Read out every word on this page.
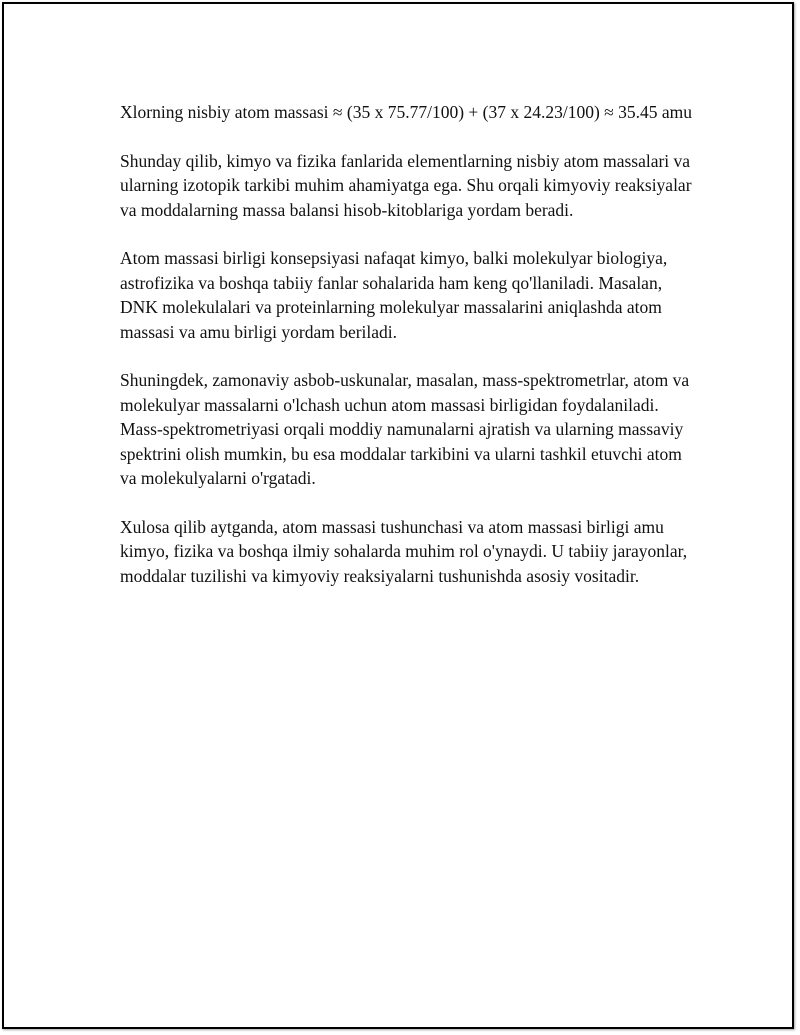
Xlorning nisbiy atom massasi ≈ (35 x 75.77/100) + (37 x 24.23/100) ≈ 35.45 amu

Shunday qilib, kimyo va fizika fanlarida elementlarning nisbiy atom massalari va ularning izotopik tarkibi muhim ahamiyatga ega. Shu orqali kimyoviy reaksiyalar va moddalarning massa balansi hisob-kitoblariga yordam beradi.

Atom massasi birligi konsepsiyasi nafaqat kimyo, balki molekulyar biologiya, astrofizika va boshqa tabiiy fanlar sohalarida ham keng qo'llaniladi. Masalan, DNK molekulalari va proteinlarning molekulyar massalarini aniqlashda atom massasi va amu birligi yordam beriladi.

Shuningdek, zamonaviy asbob-uskunalar, masalan, mass-spektrometrlar, atom va molekulyar massalarni o'lchash uchun atom massasi birligidan foydalaniladi. Mass-spektrometriyasi orqali moddiy namunalarni ajratish va ularning massaviy spektrini olish mumkin, bu esa moddalar tarkibini va ularni tashkil etuvchi atom va molekulyalarni o'rgatadi.

Xulosa qilib aytganda, atom massasi tushunchasi va atom massasi birligi amu kimyo, fizika va boshqa ilmiy sohalarda muhim rol o'ynaydi. U tabiiy jarayonlar, moddalar tuzilishi va kimyoviy reaksiyalarni tushunishda asosiy vositadir.
